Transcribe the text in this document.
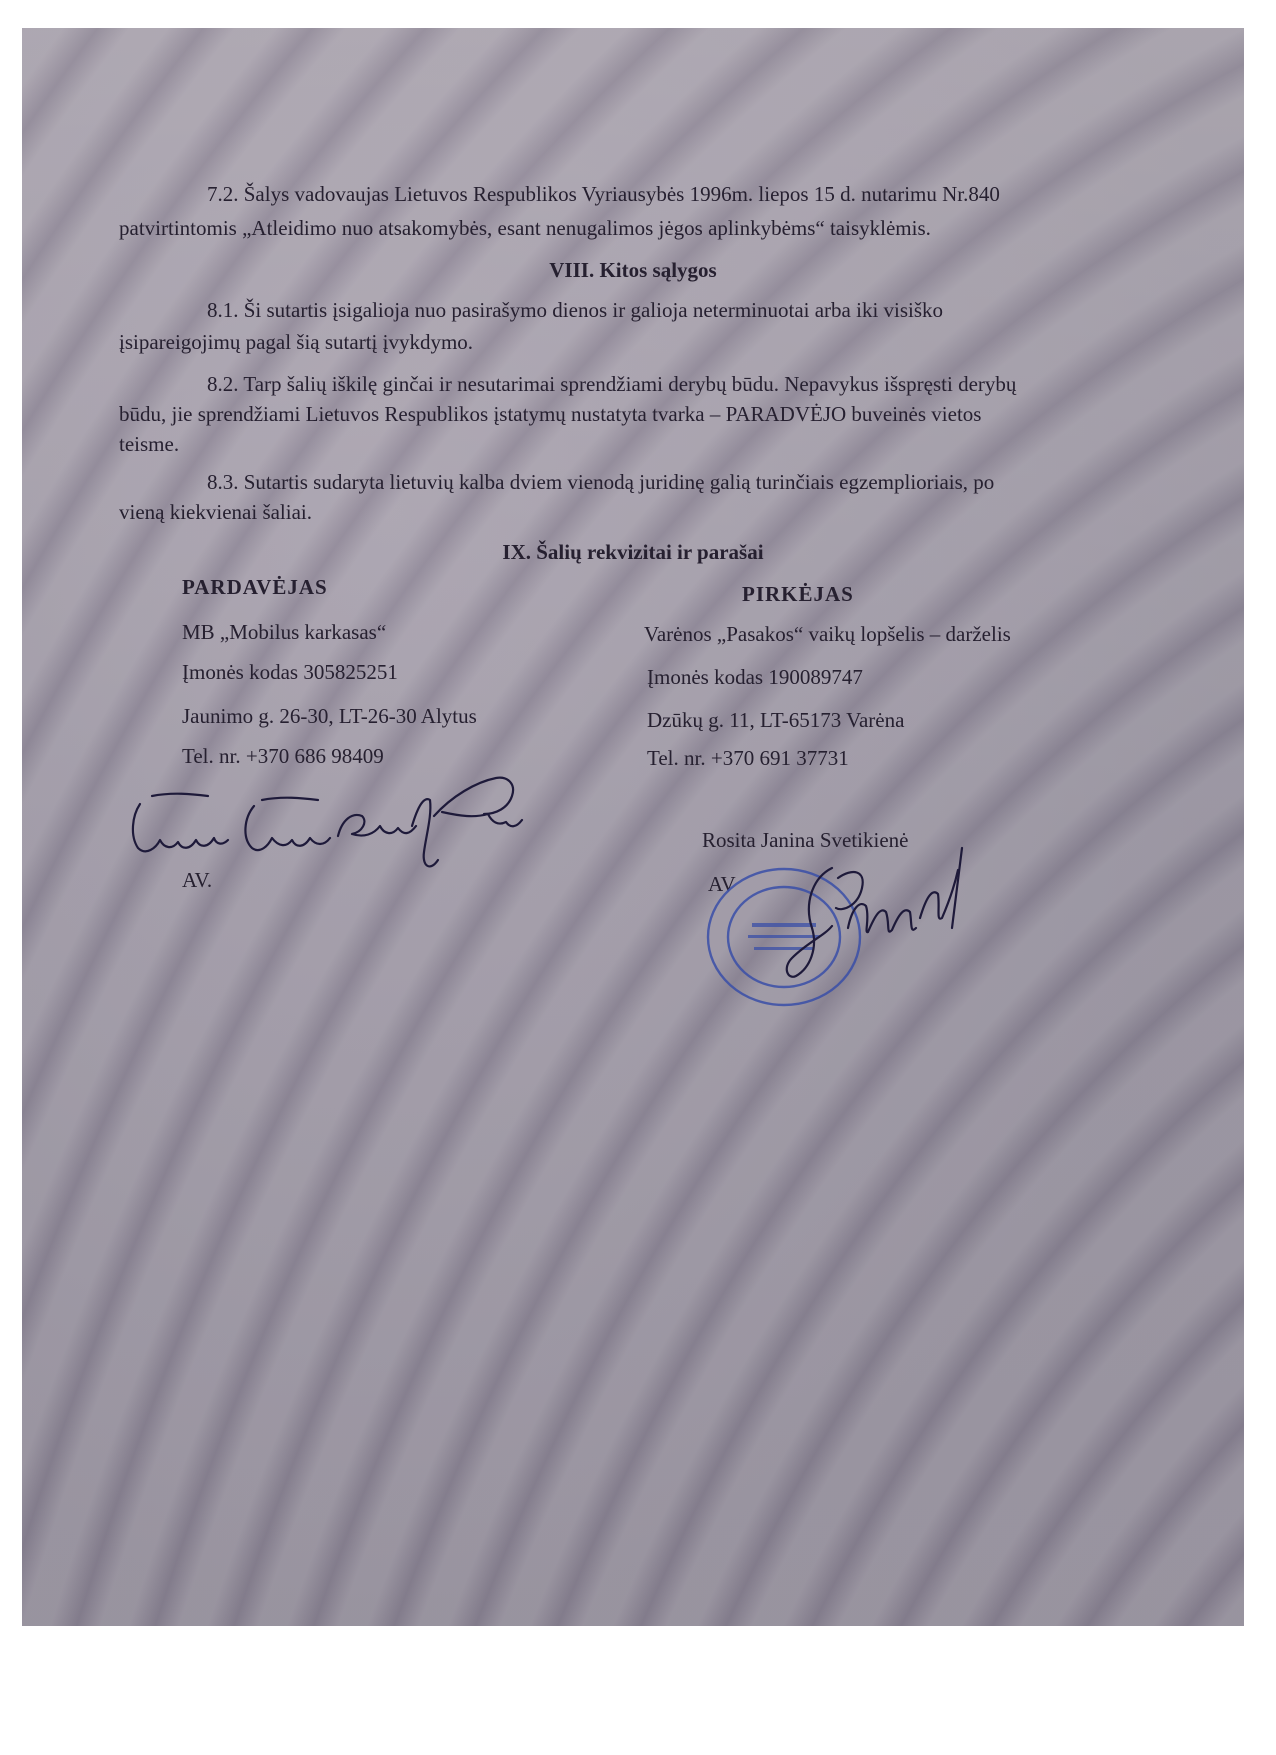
7.2. Šalys vadovaujas Lietuvos Respublikos Vyriausybės 1996m. liepos 15 d. nutarimu Nr.840
patvirtintomis „Atleidimo nuo atsakomybės, esant nenugalimos jėgos aplinkybėms“ taisyklėmis.
VIII. Kitos sąlygos
8.1. Ši sutartis įsigalioja nuo pasirašymo dienos ir galioja neterminuotai arba iki visiško
įsipareigojimų pagal šią sutartį įvykdymo.
8.2. Tarp šalių iškilę ginčai ir nesutarimai sprendžiami derybų būdu. Nepavykus išspręsti derybų
būdu, jie sprendžiami Lietuvos Respublikos įstatymų nustatyta tvarka – PARADVĖJO buveinės vietos
teisme.
8.3. Sutartis sudaryta lietuvių kalba dviem vienodą juridinę galią turinčiais egzemplioriais, po
vieną kiekvienai šaliai.
IX. Šalių rekvizitai ir parašai
PARDAVĖJAS
MB „Mobilus karkasas“
Įmonės kodas 305825251
Jaunimo g. 26-30, LT-26-30 Alytus
Tel. nr. +370 686 98409
AV.
PIRKĖJAS
Varėnos „Pasakos“ vaikų lopšelis – darželis
Įmonės kodas 190089747
Dzūkų g. 11, LT-65173 Varėna
Tel. nr. +370 691 37731
Rosita Janina Svetikienė
AV
